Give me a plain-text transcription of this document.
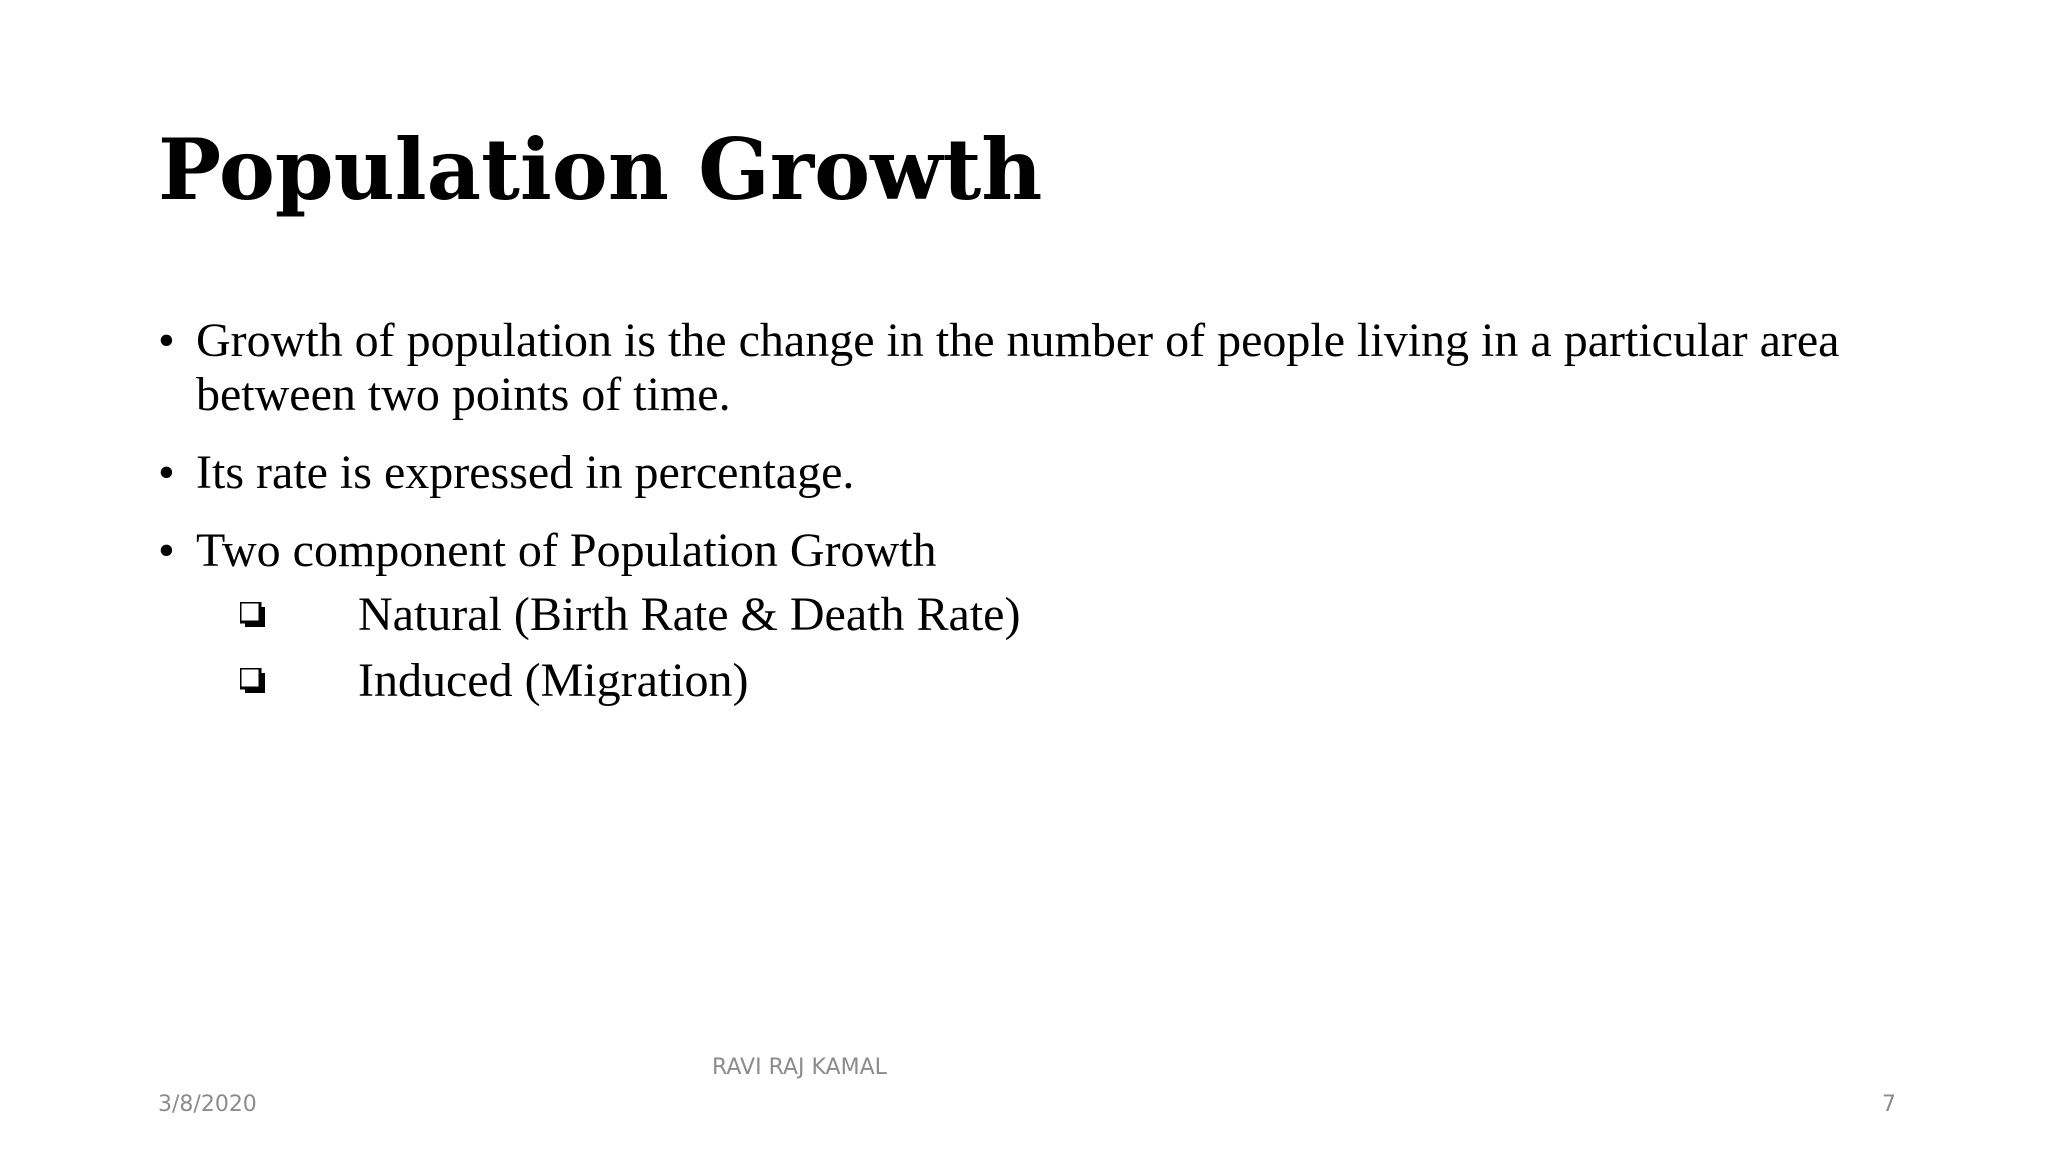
Population Growth
• Growth of population is the change in the number of people living in a particular area between two points of time.
• Its rate is expressed in percentage.
• Two component of Population Growth
Natural (Birth Rate & Death Rate)
Induced (Migration)
RAVI RAJ KAMAL
3/8/2020	7
